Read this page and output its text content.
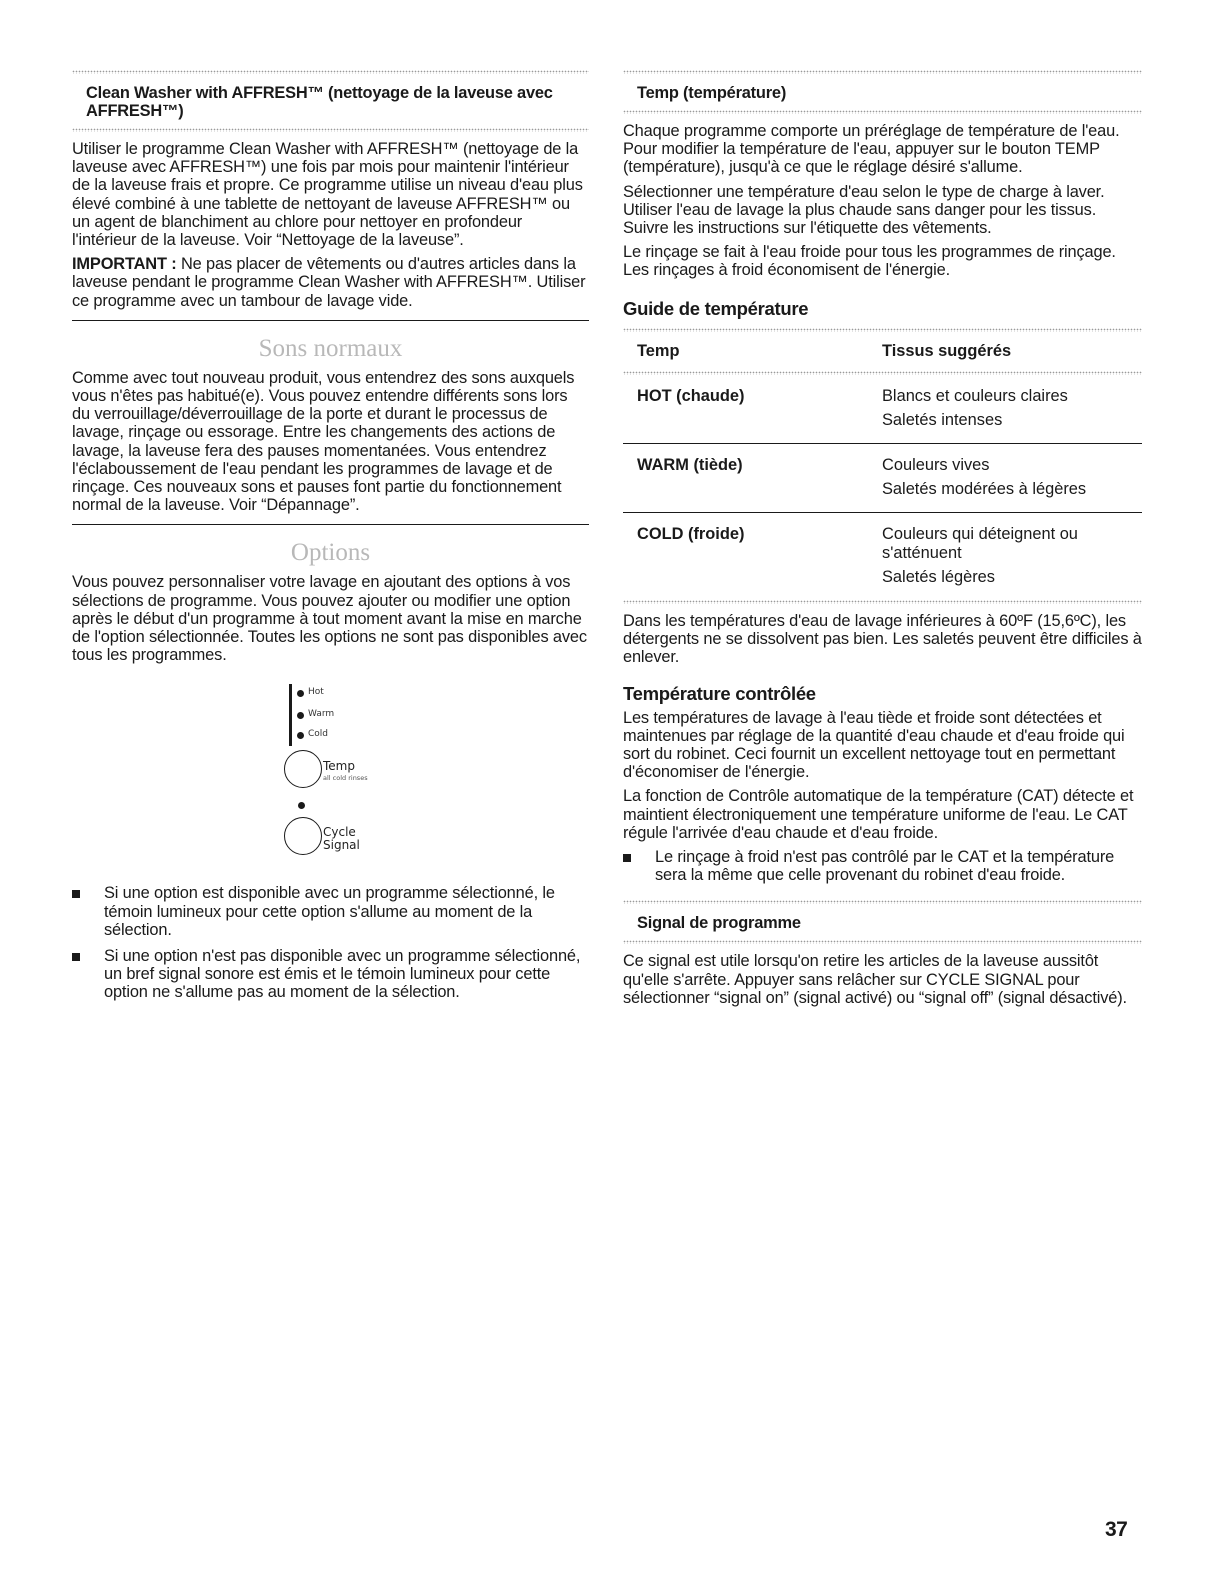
Clean Washer with AFFRESH™ (nettoyage de la laveuse avec AFFRESH™)

Utiliser le programme Clean Washer with AFFRESH™ (nettoyage de la laveuse avec AFFRESH™) une fois par mois pour maintenir l'intérieur de la laveuse frais et propre. Ce programme utilise un niveau d'eau plus élevé combiné à une tablette de nettoyant de laveuse AFFRESH™ ou un agent de blanchiment au chlore pour nettoyer en profondeur l'intérieur de la laveuse. Voir “Nettoyage de la laveuse”.

IMPORTANT : Ne pas placer de vêtements ou d'autres articles dans la laveuse pendant le programme Clean Washer with AFFRESH™. Utiliser ce programme avec un tambour de lavage vide.

Sons normaux

Comme avec tout nouveau produit, vous entendrez des sons auxquels vous n'êtes pas habitué(e). Vous pouvez entendre différents sons lors du verrouillage/déverrouillage de la porte et durant le processus de lavage, rinçage ou essorage. Entre les changements des actions de lavage, la laveuse fera des pauses momentanées. Vous entendrez l'éclaboussement de l'eau pendant les programmes de lavage et de rinçage. Ces nouveaux sons et pauses font partie du fonctionnement normal de la laveuse. Voir “Dépannage”.

Options

Vous pouvez personnaliser votre lavage en ajoutant des options à vos sélections de programme. Vous pouvez ajouter ou modifier une option après le début d'un programme à tout moment avant la mise en marche de l'option sélectionnée. Toutes les options ne sont pas disponibles avec tous les programmes.

Hot
Warm
Cold
Temp
all cold rinses
Cycle
Signal
Si une option est disponible avec un programme sélectionné, le témoin lumineux pour cette option s'allume au moment de la sélection.
Si une option n'est pas disponible avec un programme sélectionné, un bref signal sonore est émis et le témoin lumineux pour cette option ne s'allume pas au moment de la sélection.
Temp (température)

Chaque programme comporte un préréglage de température de l'eau. Pour modifier la température de l'eau, appuyer sur le bouton TEMP (température), jusqu'à ce que le réglage désiré s'allume.

Sélectionner une température d'eau selon le type de charge à laver. Utiliser l'eau de lavage la plus chaude sans danger pour les tissus. Suivre les instructions sur l'étiquette des vêtements.

Le rinçage se fait à l'eau froide pour tous les programmes de rinçage. Les rinçages à froid économisent de l'énergie.

Guide de température
Temp	Tissus suggérés
HOT (chaude)	Blancs et couleurs claires
Saletés intenses
WARM (tiède)	Couleurs vives
Saletés modérées à légères
COLD (froide)	Couleurs qui déteignent ou s'atténuent
Saletés légères

Dans les températures d'eau de lavage inférieures à 60ºF (15,6ºC), les détergents ne se dissolvent pas bien. Les saletés peuvent être difficiles à enlever.

Température contrôlée

Les températures de lavage à l'eau tiède et froide sont détectées et maintenues par réglage de la quantité d'eau chaude et d'eau froide qui sort du robinet. Ceci fournit un excellent nettoyage tout en permettant d'économiser de l'énergie.

La fonction de Contrôle automatique de la température (CAT) détecte et maintient électroniquement une température uniforme de l'eau. Le CAT régule l'arrivée d'eau chaude et d'eau froide.

Le rinçage à froid n'est pas contrôlé par le CAT et la température sera la même que celle provenant du robinet d'eau froide.
Signal de programme

Ce signal est utile lorsqu'on retire les articles de la laveuse aussitôt qu'elle s'arrête. Appuyer sans relâcher sur CYCLE SIGNAL pour sélectionner “signal on” (signal activé) ou “signal off” (signal désactivé).

37
